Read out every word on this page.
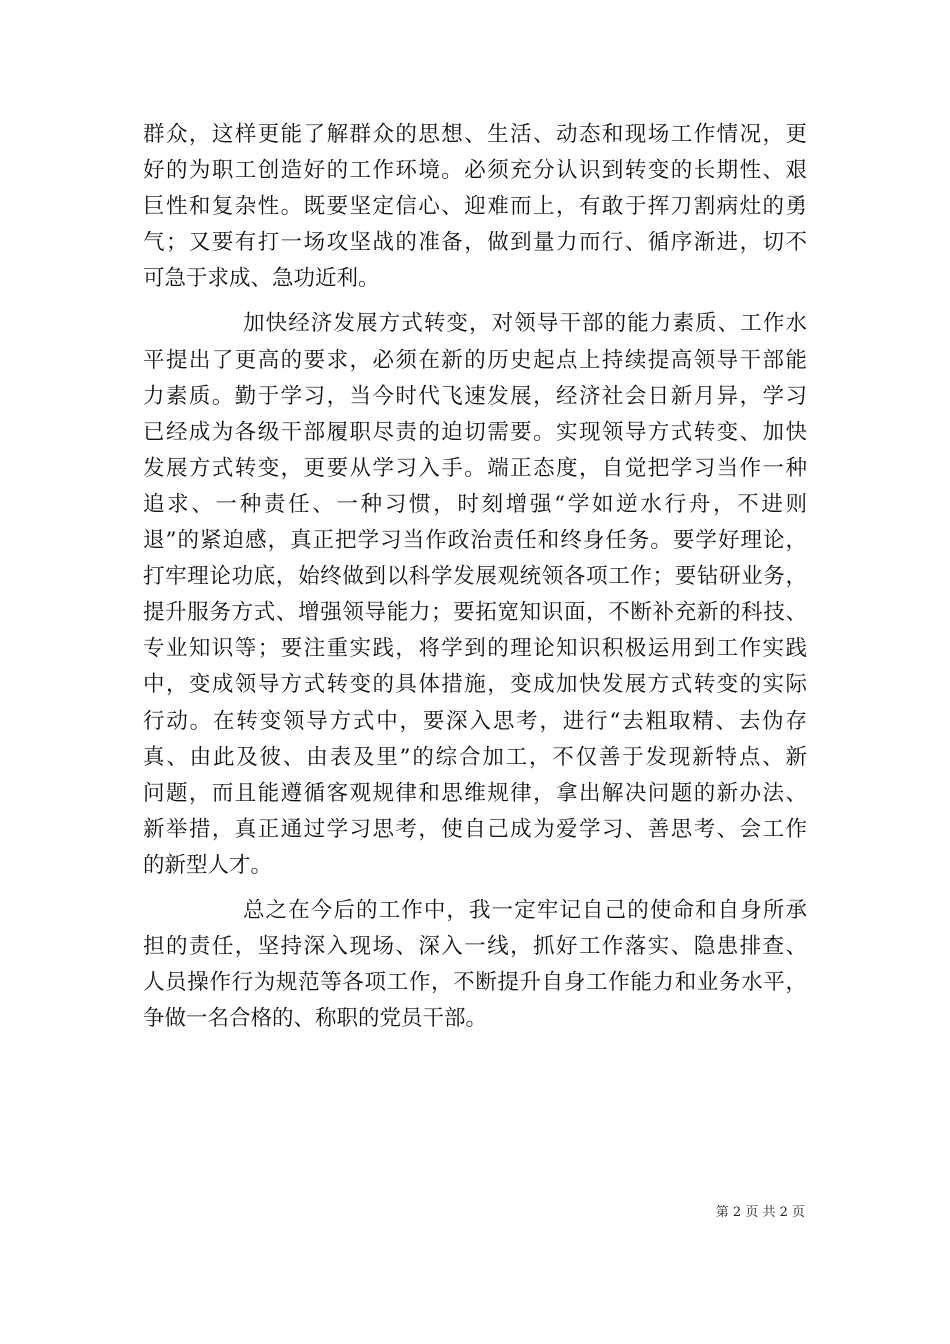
群众，这样更能了解群众的思想、生活、动态和现场工作情况，更
好的为职工创造好的工作环境。必须充分认识到转变的长期性、艰
巨性和复杂性。既要坚定信心、迎难而上，有敢于挥刀割病灶的勇
气；又要有打一场攻坚战的准备，做到量力而行、循序渐进，切不
可急于求成、急功近利。
加快经济发展方式转变，对领导干部的能力素质、工作水
平提出了更高的要求，必须在新的历史起点上持续提高领导干部能
力素质。勤于学习，当今时代飞速发展，经济社会日新月异，学习
已经成为各级干部履职尽责的迫切需要。实现领导方式转变、加快
发展方式转变，更要从学习入手。端正态度，自觉把学习当作一种
追求、一种责任、一种习惯，时刻增强“学如逆水行舟，不进则
退”的紧迫感，真正把学习当作政治责任和终身任务。要学好理论，
打牢理论功底，始终做到以科学发展观统领各项工作；要钻研业务，
提升服务方式、增强领导能力；要拓宽知识面，不断补充新的科技、
专业知识等；要注重实践，将学到的理论知识积极运用到工作实践
中，变成领导方式转变的具体措施，变成加快发展方式转变的实际
行动。在转变领导方式中，要深入思考，进行“去粗取精、去伪存
真、由此及彼、由表及里”的综合加工，不仅善于发现新特点、新
问题，而且能遵循客观规律和思维规律，拿出解决问题的新办法、
新举措，真正通过学习思考，使自己成为爱学习、善思考、会工作
的新型人才。
总之在今后的工作中，我一定牢记自己的使命和自身所承
担的责任，坚持深入现场、深入一线，抓好工作落实、隐患排查、
人员操作行为规范等各项工作，不断提升自身工作能力和业务水平，
争做一名合格的、称职的党员干部。
第 2 页 共 2 页
